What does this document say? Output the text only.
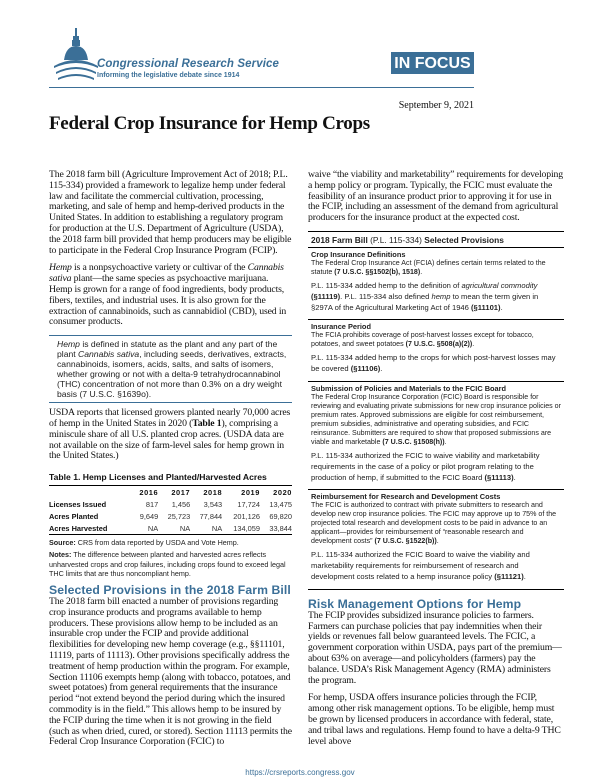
Congressional Research Service
Informing the legislative debate since 1914
IN FOCUS
September 9, 2021
Federal Crop Insurance for Hemp Crops

The 2018 farm bill (Agriculture Improvement Act of 2018; P.L. 115-334) provided a framework to legalize hemp under federal law and facilitate the commercial cultivation, processing, marketing, and sale of hemp and hemp-derived products in the United States. In addition to establishing a regulatory program for production at the U.S. Department of Agriculture (USDA), the 2018 farm bill provided that hemp producers may be eligible to participate in the Federal Crop Insurance Program (FCIP).

Hemp is a nonpsychoactive variety or cultivar of the Cannabis sativa plant—the same species as psychoactive marijuana. Hemp is grown for a range of food ingredients, body products, fibers, textiles, and industrial uses. It is also grown for the extraction of cannabinoids, such as cannabidiol (CBD), used in consumer products.

Hemp is defined in statute as the plant and any part of the plant Cannabis sativa, including seeds, derivatives, extracts, cannabinoids, isomers, acids, salts, and salts of isomers, whether growing or not with a delta-9 tetrahydrocannabinol (THC) concentration of not more than 0.3% on a dry weight basis (7 U.S.C. §1639o).

USDA reports that licensed growers planted nearly 70,000 acres of hemp in the United States in 2020 (Table 1), comprising a miniscule share of all U.S. planted crop acres. (USDA data are not available on the size of farm-level sales for hemp grown in the United States.)

Table 1. Hemp Licenses and Planted/Harvested Acres
	2016	2017	2018	2019	2020
Licenses Issued	817	1,456	3,543	17,724	13,475
Acres Planted	9,649	25,723	77,844	201,126	69,820
Acres Harvested	NA	NA	NA	134,059	33,844
Source: CRS from data reported by USDA and Vote Hemp.
Notes: The difference between planted and harvested acres reflects unharvested crops and crop failures, including crops found to exceed legal THC limits that are thus noncompliant hemp.
Selected Provisions in the 2018 Farm Bill

The 2018 farm bill enacted a number of provisions regarding crop insurance products and programs available to hemp producers. These provisions allow hemp to be included as an insurable crop under the FCIP and provide additional flexibilities for developing new hemp coverage (e.g., §§11101, 11119, parts of 11113). Other provisions specifically address the treatment of hemp production within the program. For example, Section 11106 exempts hemp (along with tobacco, potatoes, and sweet potatoes) from general requirements that the insurance period “not extend beyond the period during which the insured commodity is in the field.” This allows hemp to be insured by the FCIP during the time when it is not growing in the field (such as when dried, cured, or stored). Section 11113 permits the Federal Crop Insurance Corporation (FCIC) to

waive “the viability and marketability” requirements for developing a hemp policy or program. Typically, the FCIC must evaluate the feasibility of an insurance product prior to approving it for use in the FCIP, including an assessment of the demand from agricultural producers for the insurance product at the expected cost.

2018 Farm Bill (P.L. 115-334) Selected Provisions
Crop Insurance Definitions

The Federal Crop Insurance Act (FCIA) defines certain terms related to the statute (7 U.S.C. §§1502(b), 1518).

P.L. 115-334 added hemp to the definition of agricultural commodity (§11119). P.L. 115-334 also defined hemp to mean the term given in §297A of the Agricultural Marketing Act of 1946 (§11101).

Insurance Period

The FCIA prohibits coverage of post-harvest losses except for tobacco, potatoes, and sweet potatoes (7 U.S.C. §508(a)(2)).

P.L. 115-334 added hemp to the crops for which post-harvest losses may be covered (§11106).

Submission of Policies and Materials to the FCIC Board

The Federal Crop Insurance Corporation (FCIC) Board is responsible for reviewing and evaluating private submissions for new crop insurance policies or premium rates. Approved submissions are eligible for cost reimbursement, premium subsidies, administrative and operating subsidies, and FCIC reinsurance. Submitters are required to show that proposed submissions are viable and marketable (7 U.S.C. §1508(h)).

P.L. 115-334 authorized the FCIC to waive viability and marketability requirements in the case of a policy or pilot program relating to the production of hemp, if submitted to the FCIC Board (§11113).

Reimbursement for Research and Development Costs

The FCIC is authorized to contract with private submitters to research and develop new crop insurance policies. The FCIC may approve up to 75% of the projected total research and development costs to be paid in advance to an applicant—provides for reimbursement of “reasonable research and development costs” (7 U.S.C. §1522(b)).

P.L. 115-334 authorized the FCIC Board to waive the viability and marketability requirements for reimbursement of research and development costs related to a hemp insurance policy (§11121).

Risk Management Options for Hemp

The FCIP provides subsidized insurance policies to farmers. Farmers can purchase policies that pay indemnities when their yields or revenues fall below guaranteed levels. The FCIC, a government corporation within USDA, pays part of the premium—about 63% on average—and policyholders (farmers) pay the balance. USDA’s Risk Management Agency (RMA) administers the program.

For hemp, USDA offers insurance policies through the FCIP, among other risk management options. To be eligible, hemp must be grown by licensed producers in accordance with federal, state, and tribal laws and regulations. Hemp found to have a delta-9 THC level above

https://crsreports.congress.gov
